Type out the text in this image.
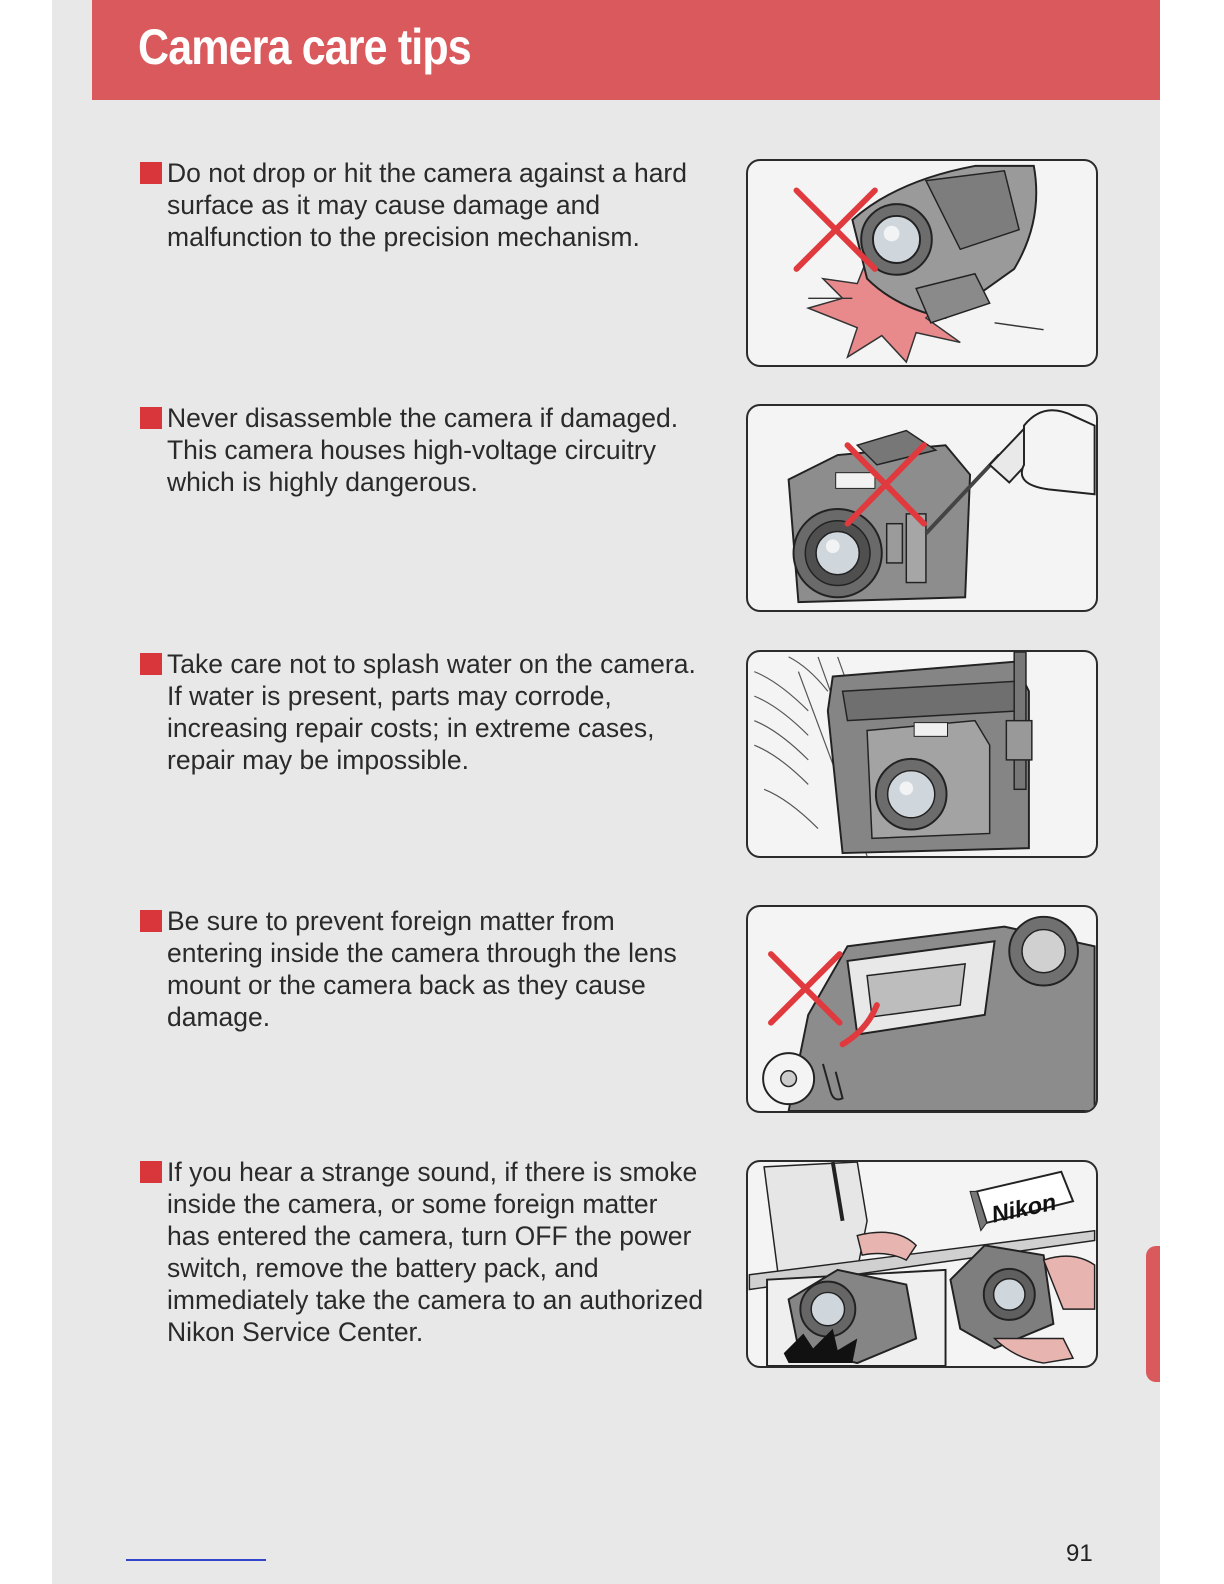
Camera care tips
Do not drop or hit the camera against a hard surface as it may cause damage and malfunction to the precision mechanism.
Never disassemble the camera if damaged. This camera houses high-voltage circuitry which is highly dangerous.
Take care not to splash water on the camera. If water is present, parts may corrode, increasing repair costs; in extreme cases, repair may be impossible.
Be sure to prevent foreign matter from entering inside the camera through the lens mount or the camera back as they cause damage.
If you hear a strange sound, if there is smoke inside the camera, or some foreign matter has entered the camera, turn OFF the power switch, remove the battery pack, and immediately take the camera to an authorized Nikon Service Center.
Nikon
91
